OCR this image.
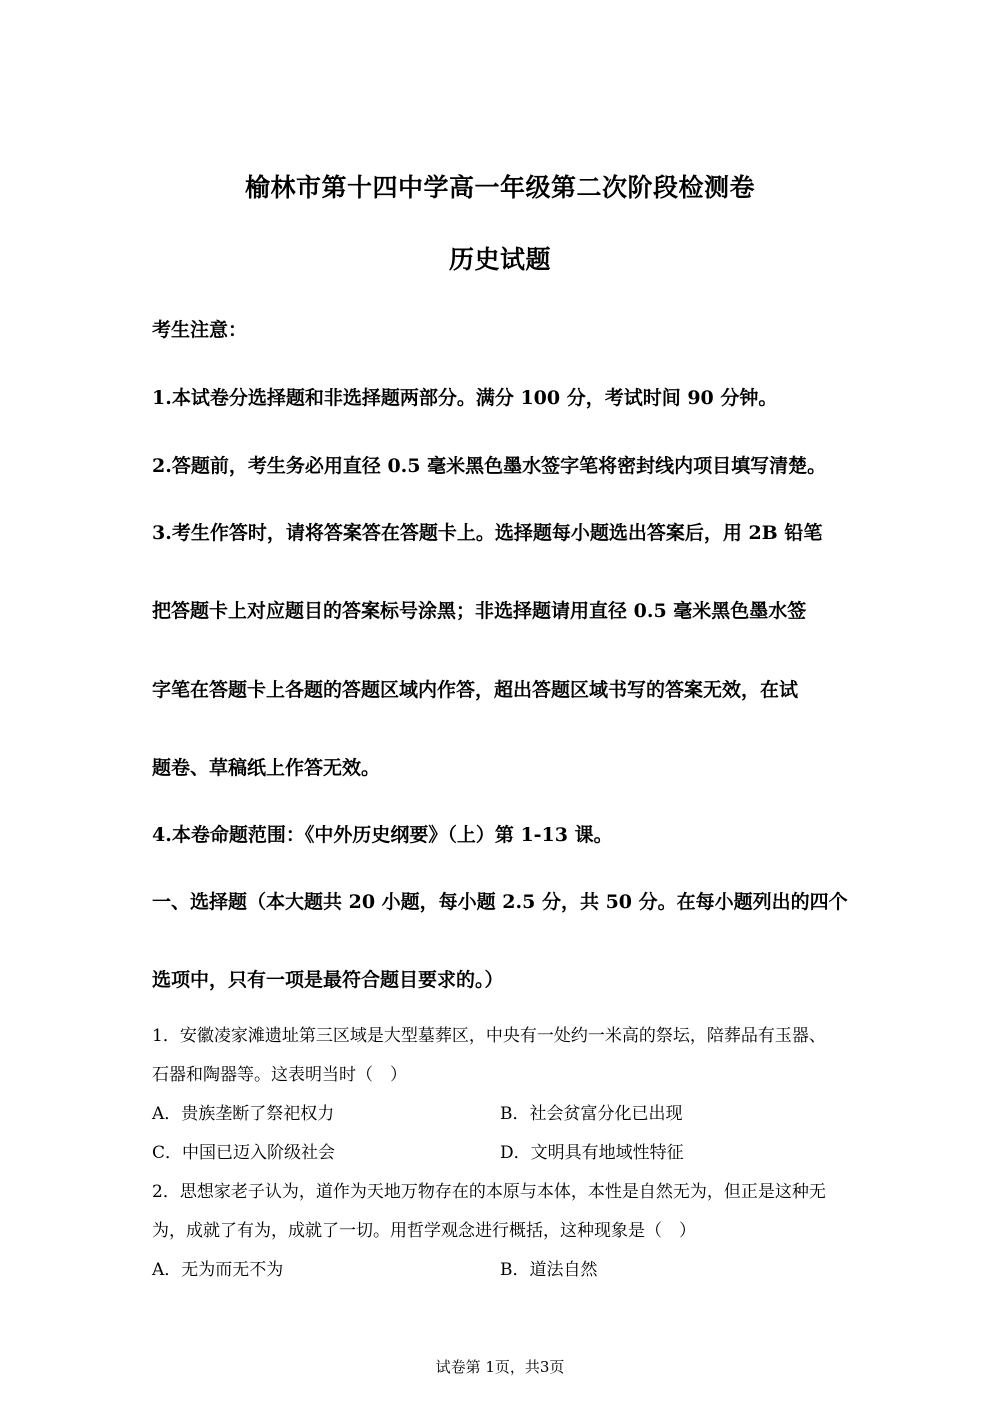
榆林市第十四中学高一年级第二次阶段检测卷
历史试题
考生注意：
1.本试卷分选择题和非选择题两部分。满分 100 分，考试时间 90 分钟。
2.答题前，考生务必用直径 0.5 毫米黑色墨水签字笔将密封线内项目填写清楚。
3.考生作答时，请将答案答在答题卡上。选择题每小题选出答案后，用 2B 铅笔
把答题卡上对应题目的答案标号涂黑；非选择题请用直径 0.5 毫米黑色墨水签
字笔在答题卡上各题的答题区域内作答，超出答题区域书写的答案无效，在试
题卷、草稿纸上作答无效。
4.本卷命题范围：《中外历史纲要》（上）第 1-13 课。
一、选择题（本大题共 20 小题，每小题 2.5 分，共 50 分。在每小题列出的四个
选项中，只有一项是最符合题目要求的。）
1．安徽凌家滩遗址第三区域是大型墓葬区，中央有一处约一米高的祭坛，陪葬品有玉器、
石器和陶器等。这表明当时（　）
A．贵族垄断了祭祀权力	B．社会贫富分化已出现
C．中国已迈入阶级社会	D．文明具有地域性特征
2．思想家老子认为，道作为天地万物存在的本原与本体，本性是自然无为，但正是这种无
为，成就了有为，成就了一切。用哲学观念进行概括，这种现象是（　）
A．无为而无不为	B．道法自然
试卷第 1页，共3页
